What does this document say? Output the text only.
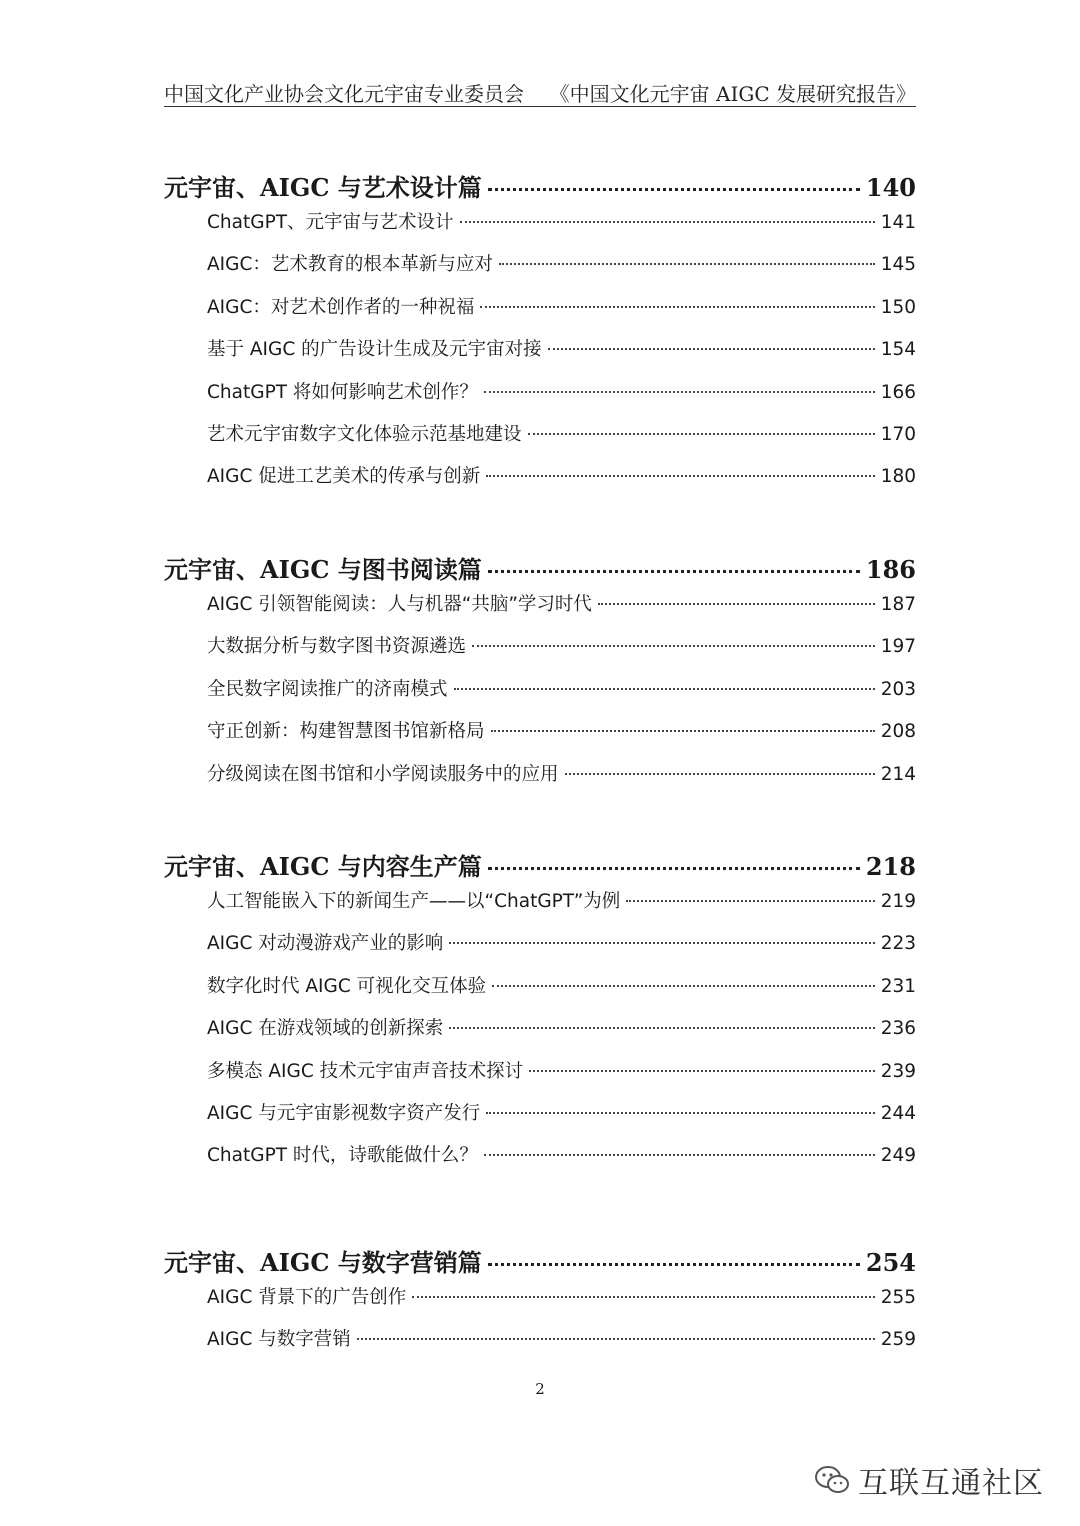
中国文化产业协会文化元宇宙专业委员会 《中国文化元宇宙 AIGC 发展研究报告》
元宇宙、AIGC 与艺术设计篇	140
ChatGPT、元宇宙与艺术设计	141
AIGC：艺术教育的根本革新与应对	145
AIGC：对艺术创作者的一种祝福	150
基于 AIGC 的广告设计生成及元宇宙对接	154
ChatGPT 将如何影响艺术创作？	166
艺术元宇宙数字文化体验示范基地建设	170
AIGC 促进工艺美术的传承与创新	180
元宇宙、AIGC 与图书阅读篇	186
AIGC 引领智能阅读：人与机器“共脑”学习时代	187
大数据分析与数字图书资源遴选	197
全民数字阅读推广的济南模式	203
守正创新：构建智慧图书馆新格局	208
分级阅读在图书馆和小学阅读服务中的应用	214
元宇宙、AIGC 与内容生产篇	218
人工智能嵌入下的新闻生产——以“ChatGPT”为例	219
AIGC 对动漫游戏产业的影响	223
数字化时代 AIGC 可视化交互体验	231
AIGC 在游戏领域的创新探索	236
多模态 AIGC 技术元宇宙声音技术探讨	239
AIGC 与元宇宙影视数字资产发行	244
ChatGPT 时代，诗歌能做什么？	249
元宇宙、AIGC 与数字营销篇	254
AIGC 背景下的广告创作	255
AIGC 与数字营销	259
2
互联互通社区
